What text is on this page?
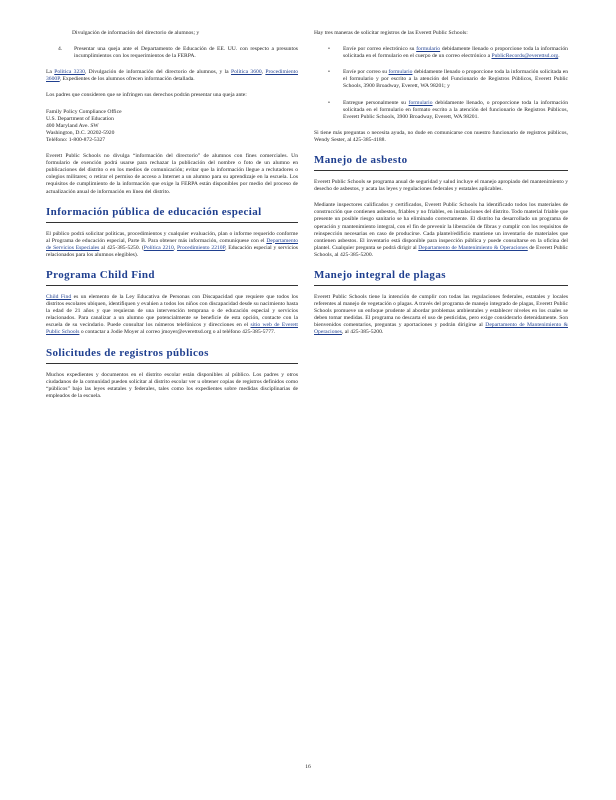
Divulgación de información del directorio de alumnos; y

4. Presentar una queja ante el Departamento de Educación de EE. UU. con respecto a presuntos incumplimientos con los requerimientos de la FERPA.

La Política 3230, Divulgación de información del directorio de alumnos, y la Política 3600, Procedimiento 3600P, Expedientes de los alumnos ofrecen información detallada.

Los padres que consideren que se infringen sus derechos podrán presentar una queja ante:

Family Policy Compliance Office
U.S. Department of Education
400 Maryland Ave. SW
Washington, D.C. 20202-5920
Teléfono: 1-800-872-5327

Everett Public Schools no divulga “información del directorio” de alumnos con fines comerciales. Un formulario de exención podrá usarse para rechazar la publicación del nombre o foto de un alumno en publicaciones del distrito o en los medios de comunicación; evitar que la información llegue a reclutadores o colegios militares; o retirar el permiso de acceso a Internet a un alumno para su aprendizaje en la escuela. Los requisitos de cumplimiento de la información que exige la FERPA están disponibles por medio del proceso de actualización anual de información en línea del distrito.

Información pública de educación especial

El público podrá solicitar políticas, procedimientos y cualquier evaluación, plan o informe requerido conforme al Programa de educación especial, Parte B. Para obtener más información, comuníquese con el Departamento de Servicios Especiales al 425-385-5250. (Política 2210, Procedimiento 2210P, Educación especial y servicios relacionados para los alumnos elegibles).

Programa Child Find

Child Find es un elemento de la Ley Educativa de Personas con Discapacidad que requiere que todos los distritos escolares ubiquen, identifiquen y evalúen a todos los niños con discapacidad desde su nacimiento hasta la edad de 21 años y que requieran de una intervención temprana o de educación especial y servicios relacionados. Para canalizar a un alumno que potencialmente se beneficie de esta opción, contacte con la escuela de su vecindario. Puede consultar los números telefónicos y direcciones en el sitio web de Everett Public Schools o contactar a Jodie Moyer al correo jmoyer@everettsd.org o al teléfono 425-385-5777.

Solicitudes de registros públicos

Muchos expedientes y documentos en el distrito escolar están disponibles al público. Los padres y otros ciudadanos de la comunidad pueden solicitar al distrito escolar ver u obtener copias de registros definidos como “públicos” bajo las leyes estatales y federales, tales como los expedientes sobre medidas disciplinarias de empleados de la escuela.

Hay tres maneras de solicitar registros de las Everett Public Schools:

• Envíe por correo electrónico su formulario debidamente llenado o proporcione toda la información solicitada en el formulario en el cuerpo de un correo electrónico a PublicRecords@everettsd.org.

• Envíe por correo su formulario debidamente llenado o proporcione toda la información solicitada en el formulario y por escrito a la atención del Funcionario de Registros Públicos, Everett Public Schools, 3900 Broadway, Everett, WA 98201; y

• Entregue personalmente su formulario debidamente llenado, o proporcione toda la información solicitada en el formulario en formato escrito a la atención del funcionario de Registros Públicos, Everett Public Schools, 3900 Broadway, Everett, WA 98201.

Si tiene más preguntas o necesita ayuda, no dude en comunicarse con nuestro funcionario de registros públicos, Wendy Sester, al 425-385-4188.

Manejo de asbesto

Everett Public Schools se programa anual de seguridad y salud incluye el manejo apropiado del mantenimiento y desecho de asbestos, y acata las leyes y regulaciones federales y estatales aplicables.

Mediante inspectores calificados y certificados, Everett Public Schools ha identificado todos los materiales de construcción que contienen asbestos, friables y no friables, en instalaciones del distrito. Todo material friable que presente un posible riesgo sanitario se ha eliminado correctamente. El distrito ha desarrollado un programa de operación y mantenimiento integral, con el fin de prevenir la liberación de fibras y cumplir con los requisitos de reinspección necesarias en caso de producirse. Cada plantel/edificio mantiene un inventario de materiales que contienen asbestos. El inventario está disponible para inspección pública y puede consultarse en la oficina del plantel. Cualquier pregunta se podrá dirigir al Departamento de Mantenimiento & Operaciones de Everett Public Schools, al 425-385-5200.

Manejo integral de plagas

Everett Public Schools tiene la intención de cumplir con todas las regulaciones federales, estatales y locales referentes al manejo de vegetación o plagas. A través del programa de manejo integrado de plagas, Everett Public Schools promueve un enfoque prudente al abordar problemas ambientales y establecer niveles en los cuales se deben tomar medidas. El programa no descarta el uso de pesticidas, pero exige considerarlo detenidamente. Son bienvenidos comentarios, preguntas y aportaciones y podrán dirigirse al Departamento de Mantenimiento & Operaciones, al 425-385-5200.

16
